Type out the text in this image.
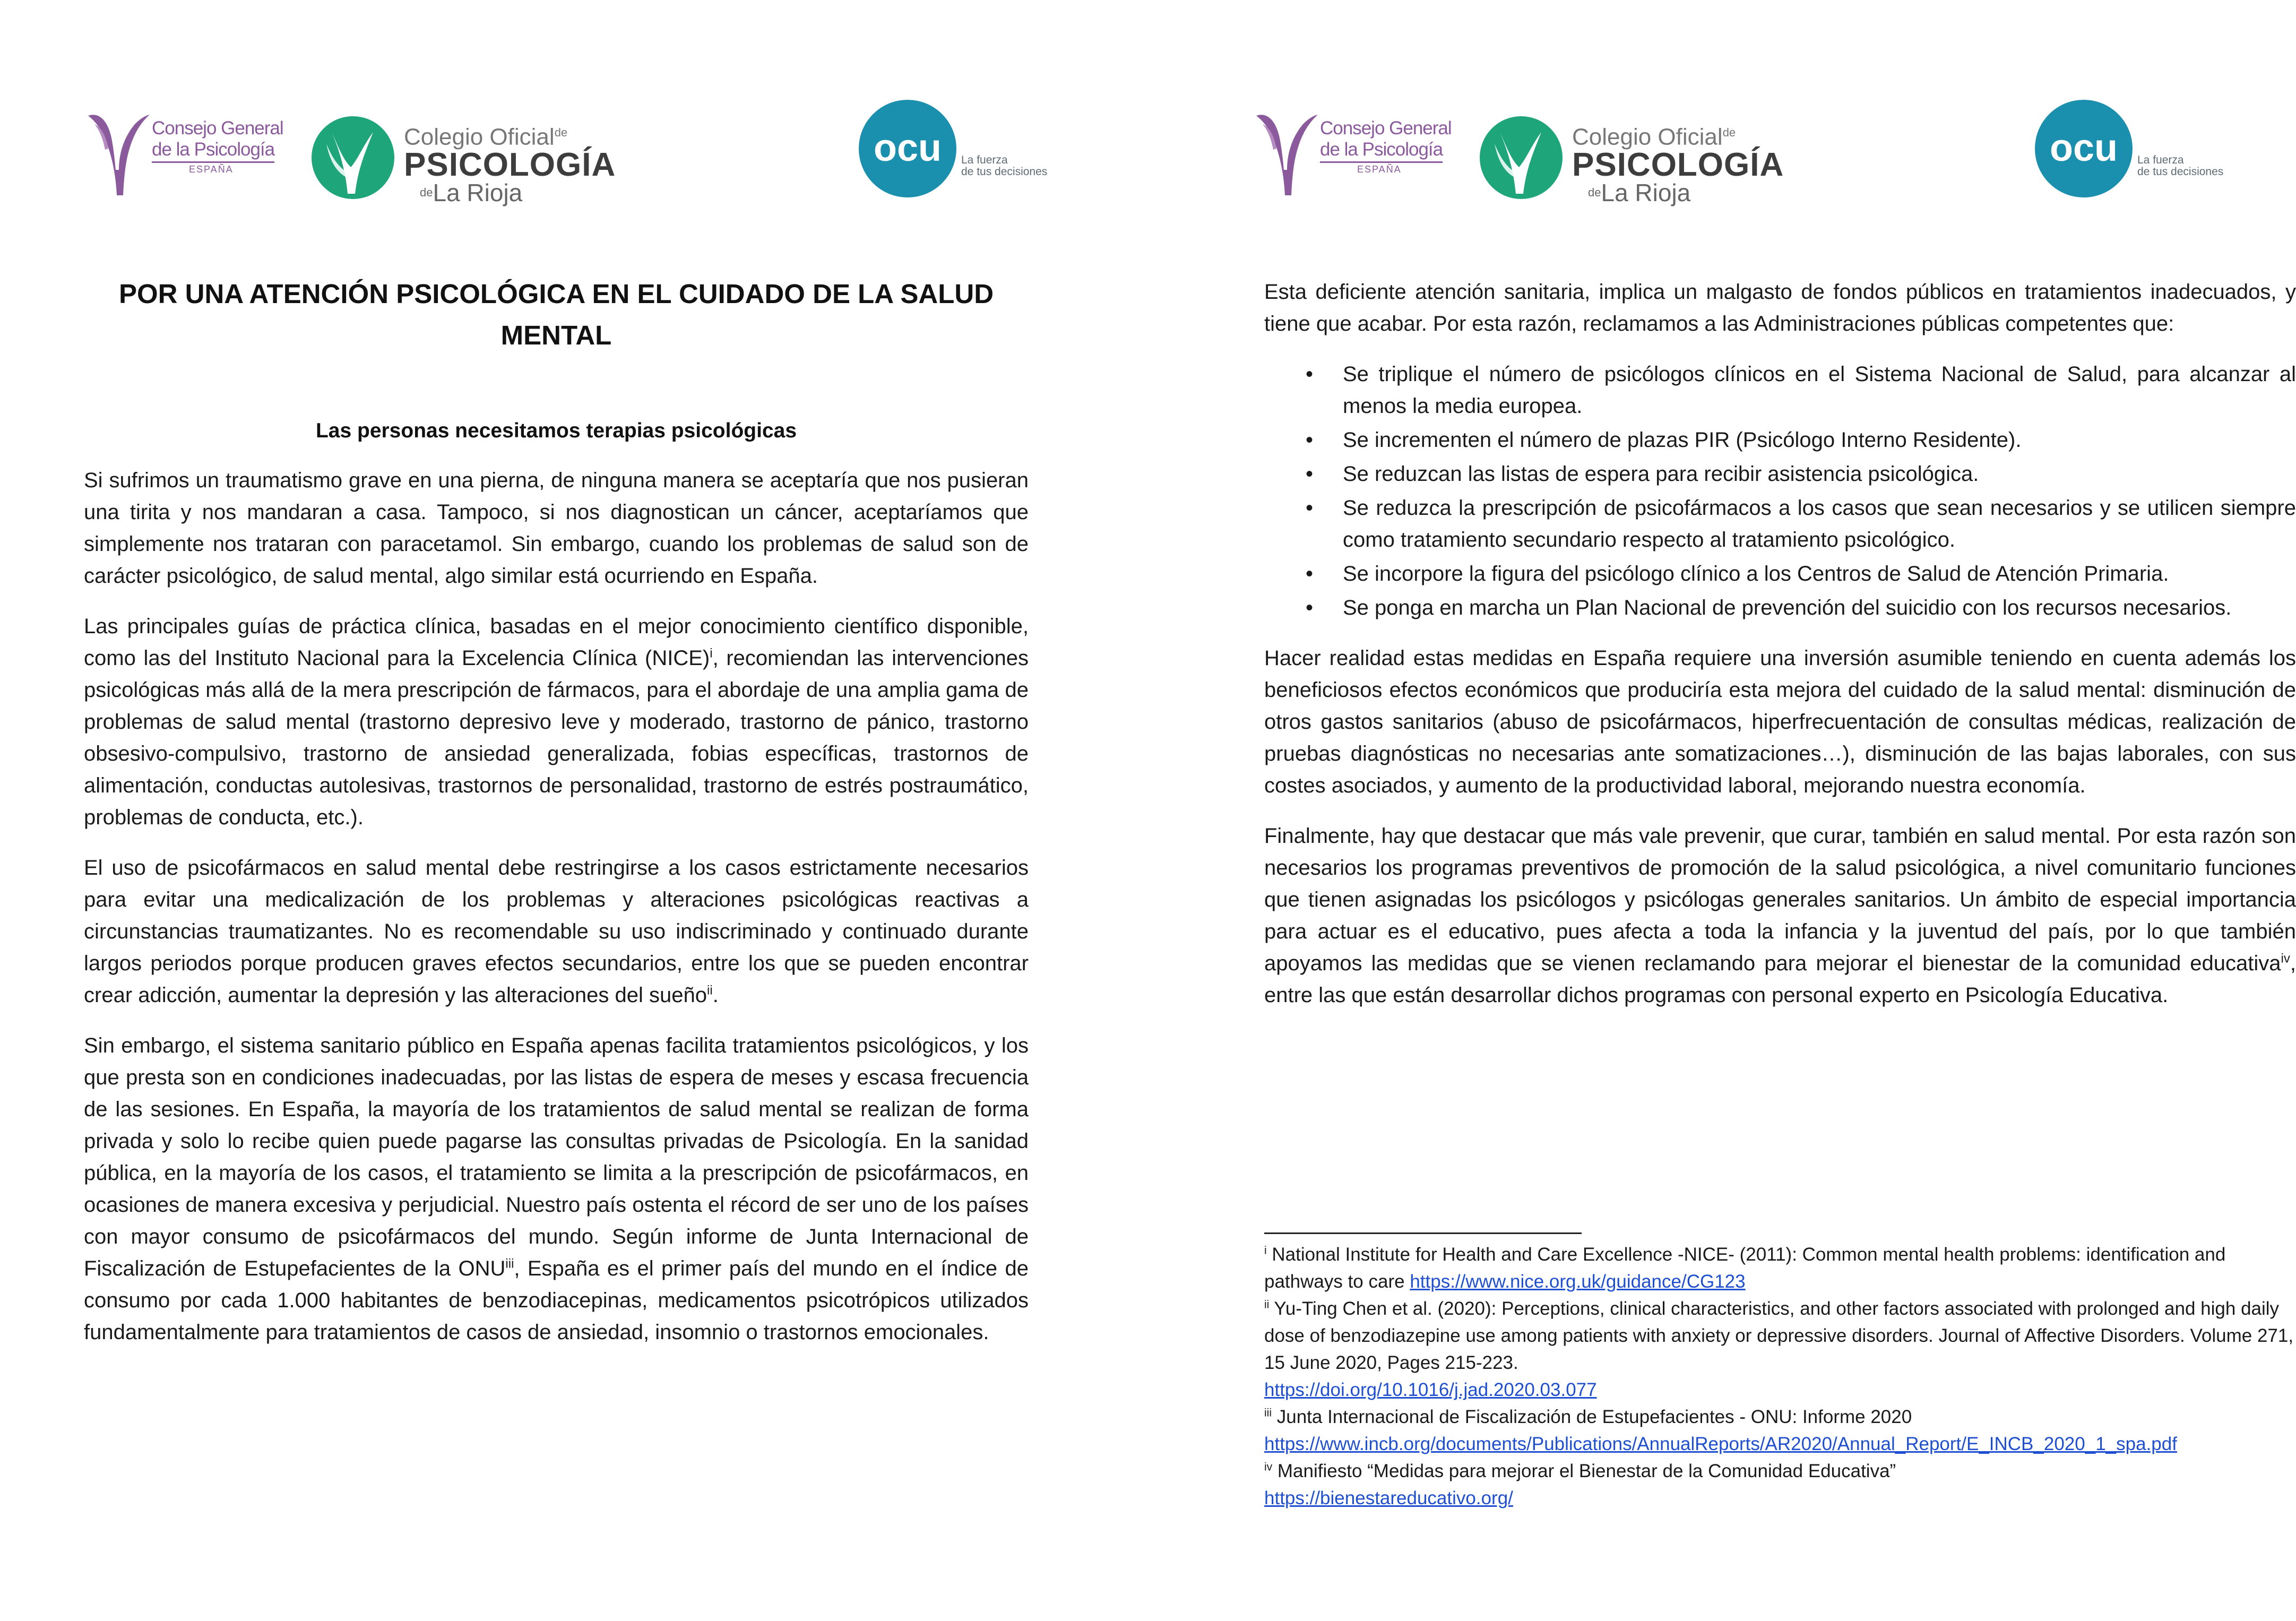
Consejo General
de la Psicología
ESPAÑA
Colegio Oficial$^{de}$
PSICOLOGÍA
$^{de}$La Rioja
ocu La fuerza
de tus decisiones
POR UNA ATENCIÓN PSICOLÓGICA EN EL CUIDADO DE LA SALUD
MENTAL
Las personas necesitamos terapias psicológicas

Si sufrimos un traumatismo grave en una pierna, de ninguna manera se aceptaría que nos pusieran una tirita y nos mandaran a casa. Tampoco, si nos diagnostican un cáncer, aceptaríamos que simplemente nos trataran con paracetamol. Sin embargo, cuando los problemas de salud son de carácter psicológico, de salud mental, algo similar está ocurriendo en España.

Las principales guías de práctica clínica, basadas en el mejor conocimiento científico disponible, como las del Instituto Nacional para la Excelencia Clínica (NICE)$^i$, recomiendan las intervenciones psicológicas más allá de la mera prescripción de fármacos, para el abordaje de una amplia gama de problemas de salud mental (trastorno depresivo leve y moderado, trastorno de pánico, trastorno obsesivo-compulsivo, trastorno de ansiedad generalizada, fobias específicas, trastornos de alimentación, conductas autolesivas, trastornos de personalidad, trastorno de estrés postraumático, problemas de conducta, etc.).

El uso de psicofármacos en salud mental debe restringirse a los casos estrictamente necesarios para evitar una medicalización de los problemas y alteraciones psicológicas reactivas a circunstancias traumatizantes. No es recomendable su uso indiscriminado y continuado durante largos periodos porque producen graves efectos secundarios, entre los que se pueden encontrar crear adicción, aumentar la depresión y las alteraciones del sueño$^{ii}$.

Sin embargo, el sistema sanitario público en España apenas facilita tratamientos psicológicos, y los que presta son en condiciones inadecuadas, por las listas de espera de meses y escasa frecuencia de las sesiones. En España, la mayoría de los tratamientos de salud mental se realizan de forma privada y solo lo recibe quien puede pagarse las consultas privadas de Psicología. En la sanidad pública, en la mayoría de los casos, el tratamiento se limita a la prescripción de psicofármacos, en ocasiones de manera excesiva y perjudicial. Nuestro país ostenta el récord de ser uno de los países con mayor consumo de psicofármacos del mundo. Según informe de Junta Internacional de Fiscalización de Estupefacientes de la ONU$^{iii}$, España es el primer país del mundo en el índice de consumo por cada 1.000 habitantes de benzodiacepinas, medicamentos psicotrópicos utilizados fundamentalmente para tratamientos de casos de ansiedad, insomnio o trastornos emocionales.

Consejo General
de la Psicología
ESPAÑA
Colegio Oficial$^{de}$
PSICOLOGÍA
$^{de}$La Rioja
ocu La fuerza
de tus decisiones

Esta deficiente atención sanitaria, implica un malgasto de fondos públicos en tratamientos inadecuados, y tiene que acabar. Por esta razón, reclamamos a las Administraciones públicas competentes que:

• Se triplique el número de psicólogos clínicos en el Sistema Nacional de Salud, para alcanzar al menos la media europea.
• Se incrementen el número de plazas PIR (Psicólogo Interno Residente).
• Se reduzcan las listas de espera para recibir asistencia psicológica.
• Se reduzca la prescripción de psicofármacos a los casos que sean necesarios y se utilicen siempre como tratamiento secundario respecto al tratamiento psicológico.
• Se incorpore la figura del psicólogo clínico a los Centros de Salud de Atención Primaria.
• Se ponga en marcha un Plan Nacional de prevención del suicidio con los recursos necesarios.

Hacer realidad estas medidas en España requiere una inversión asumible teniendo en cuenta además los beneficiosos efectos económicos que produciría esta mejora del cuidado de la salud mental: disminución de otros gastos sanitarios (abuso de psicofármacos, hiperfrecuentación de consultas médicas, realización de pruebas diagnósticas no necesarias ante somatizaciones…), disminución de las bajas laborales, con sus costes asociados, y aumento de la productividad laboral, mejorando nuestra economía.

Finalmente, hay que destacar que más vale prevenir, que curar, también en salud mental. Por esta razón son necesarios los programas preventivos de promoción de la salud psicológica, a nivel comunitario funciones que tienen asignadas los psicólogos y psicólogas generales sanitarios. Un ámbito de especial importancia para actuar es el educativo, pues afecta a toda la infancia y la juventud del país, por lo que también apoyamos las medidas que se vienen reclamando para mejorar el bienestar de la comunidad educativa$^{iv}$, entre las que están desarrollar dichos programas con personal experto en Psicología Educativa.

$^i$ National Institute for Health and Care Excellence -NICE- (2011): Common mental health problems: identification and pathways to care https://www.nice.org.uk/guidance/CG123

$^{ii}$ Yu-Ting Chen et al. (2020): Perceptions, clinical characteristics, and other factors associated with prolonged and high daily dose of benzodiazepine use among patients with anxiety or depressive disorders. Journal of Affective Disorders. Volume 271, 15 June 2020, Pages 215-223.
https://doi.org/10.1016/j.jad.2020.03.077

$^{iii}$ Junta Internacional de Fiscalización de Estupefacientes - ONU: Informe 2020
https://www.incb.org/documents/Publications/AnnualReports/AR2020/Annual_Report/E_INCB_2020_1_spa.pdf

$^{iv}$ Manifiesto “Medidas para mejorar el Bienestar de la Comunidad Educativa”
https://bienestareducativo.org/
